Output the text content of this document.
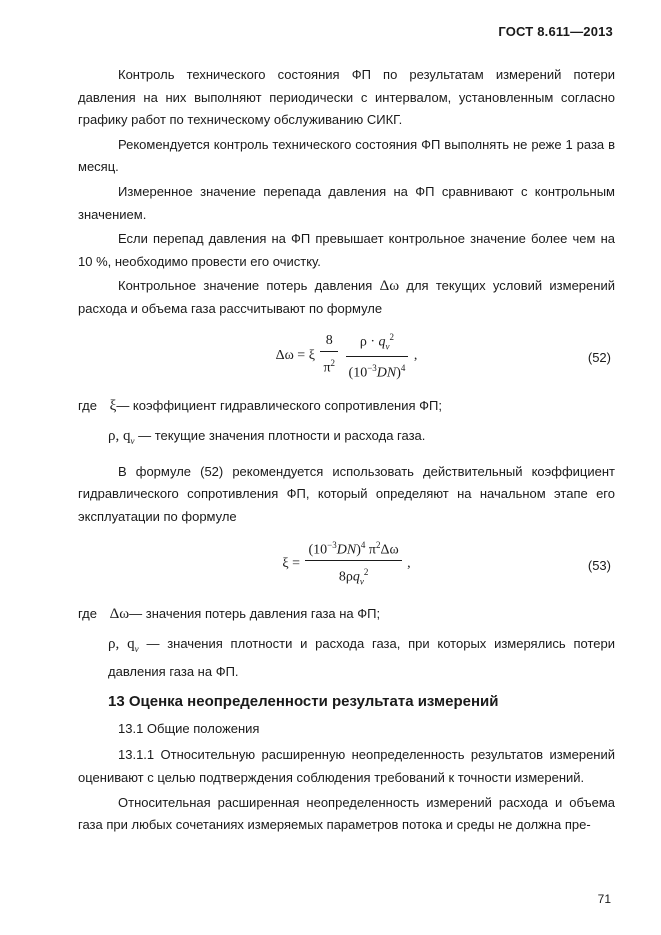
ГОСТ 8.611—2013

Контроль технического состояния ФП по результатам измерений потери давления на них выполняют периодически с интервалом, установленным согласно графику работ по техническому обслуживанию СИКГ.

Рекомендуется контроль технического состояния ФП выполнять не реже 1 раза в месяц.

Измеренное значение перепада давления на ФП сравнивают с контрольным значением.

Если перепад давления на ФП превышает контрольное значение более чем на 10 %, необходимо провести его очистку.

Контрольное значение потерь давления Δω для текущих условий измерений расхода и объема газа рассчитывают по формуле

Δω = ξ $\frac{8}{\pi^2}$
$\frac{\rho \cdot q_v^2}{(10^{-3}DN)^4}$ ,	(52)
где ξ— коэффициент гидравлического сопротивления ФП;
ρ, $q_v$ — текущие значения плотности и расхода газа.

В формуле (52) рекомендуется использовать действительный коэффициент гидравлического сопротивления ФП, который определяют на начальном этапе его эксплуатации по формуле

$\xi = \frac{(10^{-3}DN)^4 \pi^2\Delta\omega}{8\rho q_v^2}$ ,	(53)
где Δω— значения потерь давления газа на ФП;
ρ, $q_v$ — значения плотности и расхода газа, при которых измерялись потери давления газа на ФП.
13 Оценка неопределенности результата измерений
13.1 Общие положения

13.1.1 Относительную расширенную неопределенность результатов измерений оценивают с целью подтверждения соблюдения требований к точности измерений.

Относительная расширенная неопределенность измерений расхода и объема газа при любых сочетаниях измеряемых параметров потока и среды не должна пре-

71
